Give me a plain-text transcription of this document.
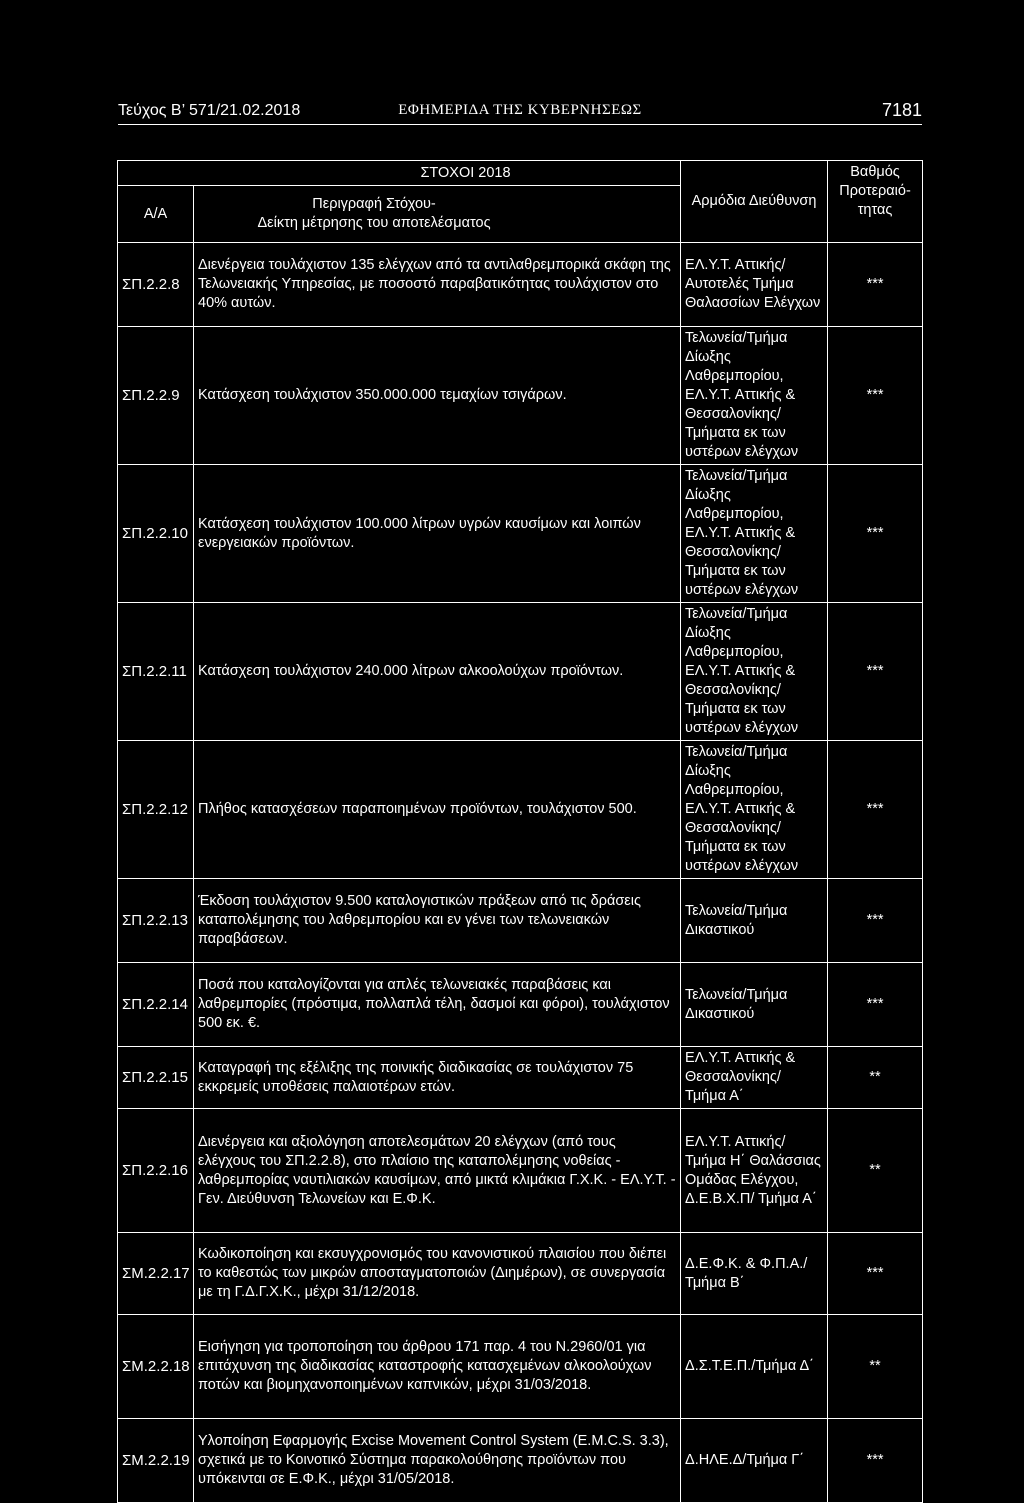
Τεύχος Β’ 571/21.02.2018	ΕΦΗΜΕΡΙΔΑ ΤΗΣ ΚΥΒΕΡΝΗΣΕΩΣ	7181
ΣΤΟΧΟΙ 2018		Αρμόδια Διεύθυνση	Βαθμός
Προτεραιό-
τητας

Α/Α	Περιγραφή Στόχου-
Δείκτη μέτρησης του αποτελέσματος		

ΣΠ.2.2.8	Διενέργεια τουλάχιστον 135 ελέγχων από τα αντιλαθρεμπορικά σκάφη της Τελωνειακής Υπηρεσίας, με ποσοστό παραβατικότητας τουλάχιστον στο 40% αυτών.	ΕΛ.Υ.Τ. Αττικής/Αυτοτελές Τμήμα Θαλασσίων Ελέγχων	***
ΣΠ.2.2.9	Κατάσχεση τουλάχιστον 350.000.000 τεμαχίων τσιγάρων.	Τελωνεία/Τμήμα Δίωξης Λαθρεμπορίου, ΕΛ.Υ.Τ. Αττικής & Θεσσαλονίκης/Τμήματα εκ των υστέρων ελέγχων	***
ΣΠ.2.2.10	Κατάσχεση τουλάχιστον 100.000 λίτρων υγρών καυσίμων και λοιπών ενεργειακών προϊόντων.	Τελωνεία/Τμήμα Δίωξης Λαθρεμπορίου, ΕΛ.Υ.Τ. Αττικής & Θεσσαλονίκης/Τμήματα εκ των υστέρων ελέγχων	***
ΣΠ.2.2.11	Κατάσχεση τουλάχιστον 240.000 λίτρων αλκοολούχων προϊόντων.	Τελωνεία/Τμήμα Δίωξης Λαθρεμπορίου, ΕΛ.Υ.Τ. Αττικής & Θεσσαλονίκης/Τμήματα εκ των υστέρων ελέγχων	***
ΣΠ.2.2.12	Πλήθος κατασχέσεων παραποιημένων προϊόντων, τουλάχιστον 500.	Τελωνεία/Τμήμα Δίωξης Λαθρεμπορίου, ΕΛ.Υ.Τ. Αττικής & Θεσσαλονίκης/Τμήματα εκ των υστέρων ελέγχων	***
ΣΠ.2.2.13	Έκδοση τουλάχιστον 9.500 καταλογιστικών πράξεων από τις δράσεις καταπολέμησης του λαθρεμπορίου και εν γένει των τελωνειακών παραβάσεων.	Τελωνεία/Τμήμα Δικαστικού	***
ΣΠ.2.2.14	Ποσά που καταλογίζονται για απλές τελωνειακές παραβάσεις και λαθρεμπορίες (πρόστιμα, πολλαπλά τέλη, δασμοί και φόροι), τουλάχιστον 500 εκ. €.	Τελωνεία/Τμήμα Δικαστικού	***
ΣΠ.2.2.15	Καταγραφή της εξέλιξης της ποινικής διαδικασίας σε τουλάχιστον 75 εκκρεμείς υποθέσεις παλαιοτέρων ετών.	ΕΛ.Υ.Τ. Αττικής & Θεσσαλονίκης/ Τμήμα Α΄	**
ΣΠ.2.2.16	Διενέργεια και αξιολόγηση αποτελεσμάτων 20 ελέγχων (από τους ελέγχους του ΣΠ.2.2.8), στο πλαίσιο της καταπολέμησης νοθείας - λαθρεμπορίας ναυτιλιακών καυσίμων, από μικτά κλιμάκια Γ.Χ.Κ. - ΕΛ.Υ.Τ. - Γεν. Διεύθυνση Τελωνείων και Ε.Φ.Κ.	ΕΛ.Υ.Τ. Αττικής/Τμήμα Η΄ Θαλάσσιας Ομάδας Ελέγχου, Δ.Ε.Β.Χ.Π/ Τμήμα Α΄	**
ΣΜ.2.2.17	Κωδικοποίηση και εκσυγχρονισμός του κανονιστικού πλαισίου που διέπει το καθεστώς των μικρών αποσταγματοποιών (Διημέρων), σε συνεργασία με τη Γ.Δ.Γ.Χ.Κ., μέχρι 31/12/2018.	Δ.Ε.Φ.Κ. & Φ.Π.Α./Τμήμα Β΄	***
ΣΜ.2.2.18	Εισήγηση για τροποποίηση του άρθρου 171 παρ. 4 του Ν.2960/01 για επιτάχυνση της διαδικασίας καταστροφής κατασχεμένων αλκοολούχων ποτών και βιομηχανοποιημένων καπνικών, μέχρι 31/03/2018.	Δ.Σ.Τ.Ε.Π./Τμήμα Δ΄	**
ΣΜ.2.2.19	Υλοποίηση Εφαρμογής Excise Movement Control System (E.M.C.S. 3.3), σχετικά με το Κοινοτικό Σύστημα παρακολούθησης προϊόντων που υπόκεινται σε Ε.Φ.Κ., μέχρι 31/05/2018.	Δ.ΗΛΕ.Δ/Τμήμα Γ΄	***
